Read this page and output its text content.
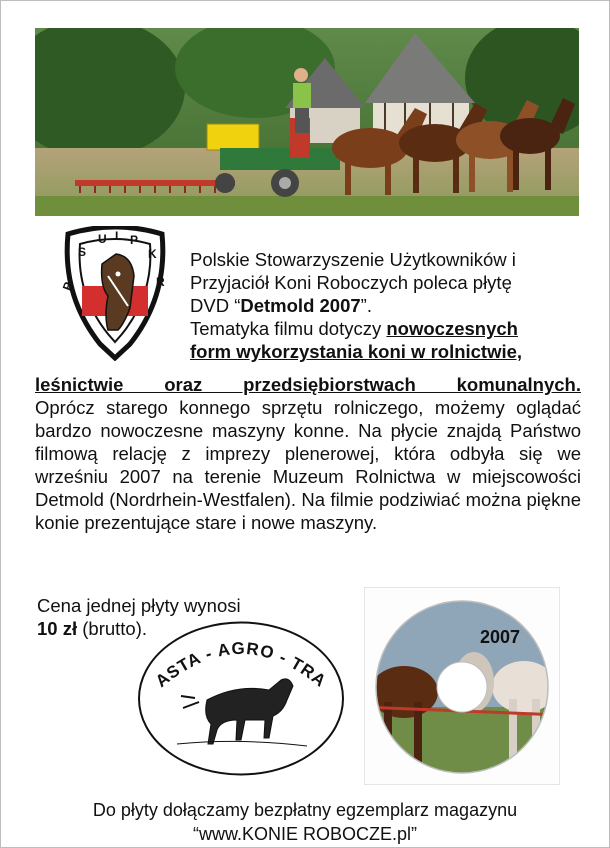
P
S
U I P
K
R
Polskie Stowarzyszenie Użytkowników i
Przyjaciół Koni Roboczych poleca płytę
DVD “Detmold 2007”.
Tematyka filmu dotyczy nowoczesnych
form wykorzystania koni w rolnictwie,
leśnictwie oraz przedsiębiorstwach komunalnych.
Oprócz starego konnego sprzętu rolniczego, możemy oglądać bardzo nowoczesne maszyny konne. Na płycie znajdą Państwo filmową relację z imprezy plenerowej, która odbyła się we wrześniu 2007 na terenie Muzeum Rolnictwa w miejscowości Detmold (Nordrhein-Westfalen). Na filmie podziwiać można piękne konie prezentujące stare i nowe maszyny.
Cena jednej płyty wynosi
10 zł (brutto).
ASTA - AGRO - TRA
2007
Do płyty dołączamy bezpłatny egzemplarz magazynu
“www.KONIE ROBOCZE.pl”
